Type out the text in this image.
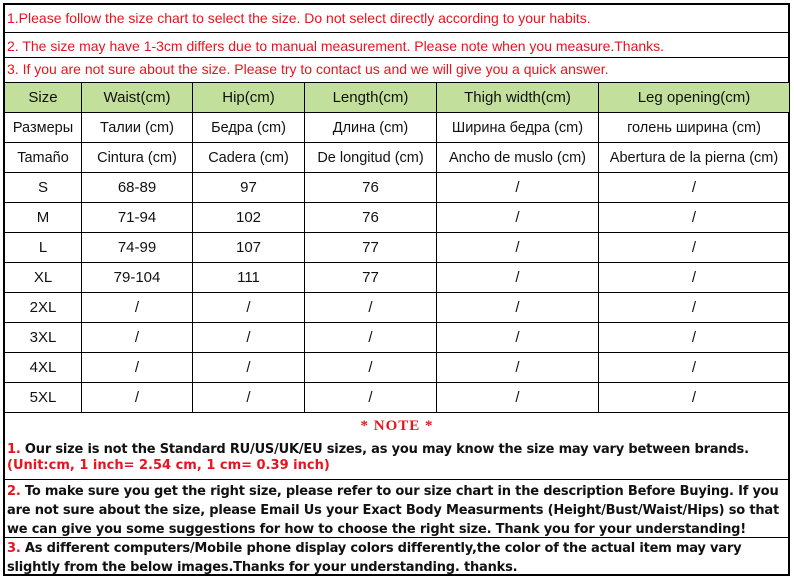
1.Please follow the size chart to select the size. Do not select directly according to your habits.
2. The size may have 1-3cm differs due to manual measurement. Please note when you measure.Thanks.
3. If you are not sure about the size. Please try to contact us and we will give you a quick answer.
Size	Waist(cm)	Hip(cm)	Length(cm)	Thigh width(cm)	Leg opening(cm)
Размеры	Талии (cm)	Бедра (cm)	Длина (cm)	Ширина бедра (cm)	голень ширина (cm)
Tamaño	Cintura (cm)	Cadera (cm)	De longitud (cm)	Ancho de muslo (cm)	Abertura de la pierna (cm)
S	68-89	97	76	/	/
M	71-94	102	76	/	/
L	74-99	107	77	/	/
XL	79-104	111	77	/	/
2XL	/	/	/	/	/
3XL	/	/	/	/	/
4XL	/	/	/	/	/
5XL	/	/	/	/	/
* NOTE *
1. Our size is not the Standard RU/US/UK/EU sizes, as you may know the size may vary between brands.
(Unit:cm, 1 inch= 2.54 cm, 1 cm= 0.39 inch)
2. To make sure you get the right size, please refer to our size chart in the description Before Buying. If you are not sure about the size, please Email Us your Exact Body Measurments (Height/Bust/Waist/Hips) so that we can give you some suggestions for how to choose the right size. Thank you for your understanding!
3. As different computers/Mobile phone display colors differently,the color of the actual item may vary slightly from the below images.Thanks for your understanding. thanks.
